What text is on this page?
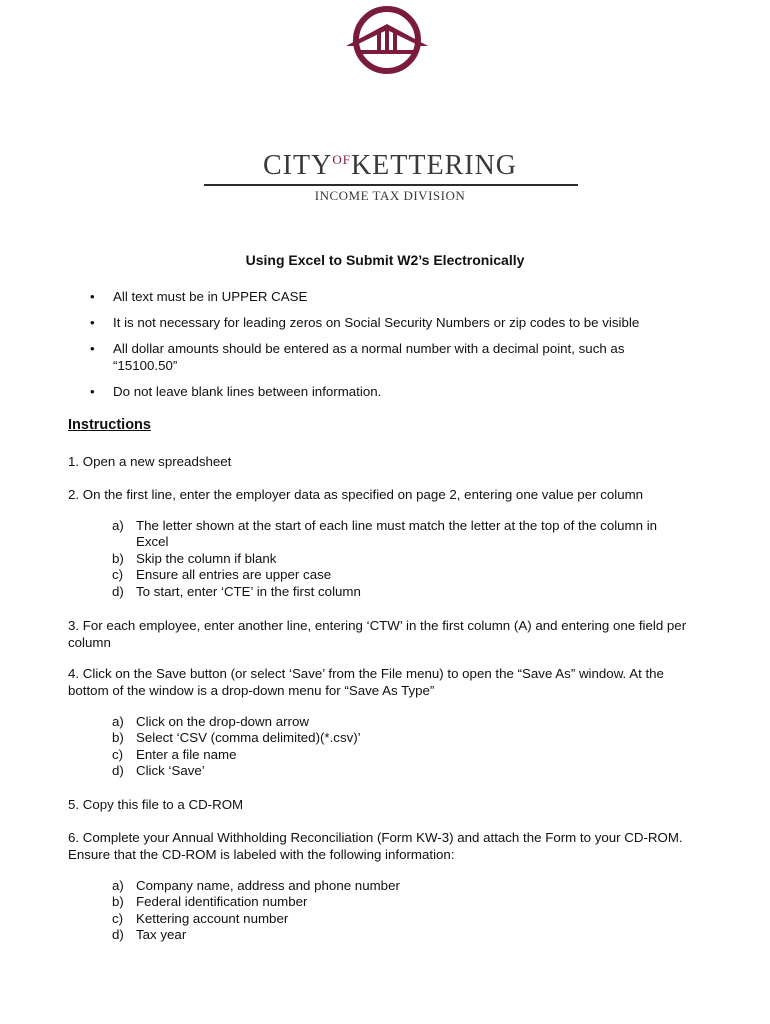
$CITY^{OF}KETTERING$
INCOME TAX DIVISION
Using Excel to Submit W2’s Electronically
• All text must be in UPPER CASE
• It is not necessary for leading zeros on Social Security Numbers or zip codes to be visible
• All dollar amounts should be entered as a normal number with a decimal point, such as “15100.50”
• Do not leave blank lines between information.
Instructions

1. Open a new spreadsheet

2. On the first line, enter the employer data as specified on page 2, entering one value per column

a) The letter shown at the start of each line must match the letter at the top of the column in Excel
b) Skip the column if blank
c) Ensure all entries are upper case
d) To start, enter ‘CTE’ in the first column

3. For each employee, enter another line, entering ‘CTW’ in the first column (A) and entering one field per column

4. Click on the Save button (or select ‘Save’ from the File menu) to open the “Save As” window. At the bottom of the window is a drop-down menu for “Save As Type”

a) Click on the drop-down arrow
b) Select ‘CSV (comma delimited)(*.csv)’
c) Enter a file name
d) Click ‘Save’

5. Copy this file to a CD-ROM

6. Complete your Annual Withholding Reconciliation (Form KW-3) and attach the Form to your CD-ROM. Ensure that the CD-ROM is labeled with the following information:

a) Company name, address and phone number
b) Federal identification number
c) Kettering account number
d) Tax year
